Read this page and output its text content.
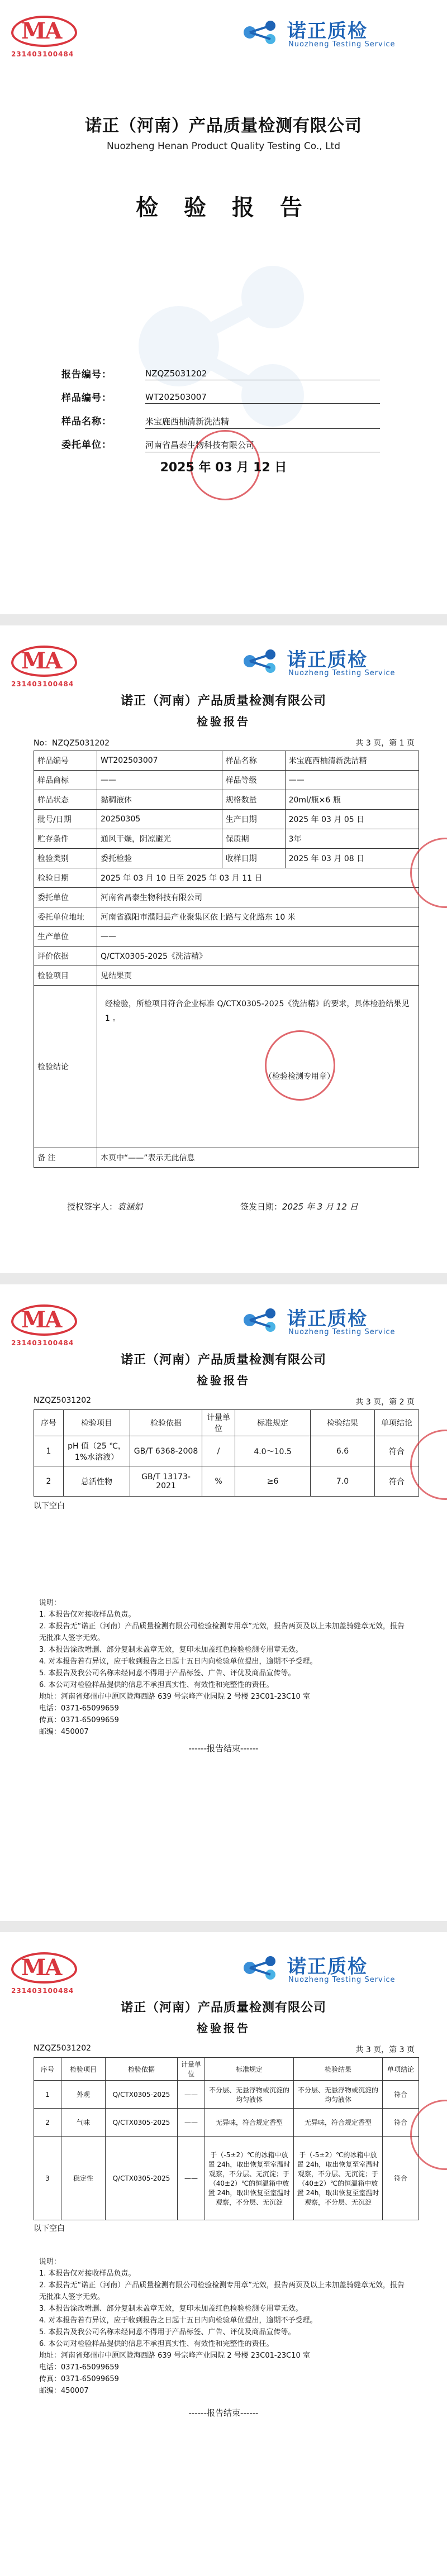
MA
231403100484
诺正质检
Nuozheng Testing Service
诺正（河南）产品质量检测有限公司
Nuozheng Henan Product Quality Testing Co., Ltd
检 验 报 告
报告编号：	NZQZ5031202
样品编号：	WT202503007
样品名称：	米宝鹿西柚清新洗洁精
委托单位：	河南省昌泰生物科技有限公司
2025 年 03 月 12 日
MA
231403100484
诺正质检
Nuozheng Testing Service
诺正（河南）产品质量检测有限公司
检验报告
No：NZQZ5031202	共 3 页，第 1 页
样品编号	WT202503007	样品名称	米宝鹿西柚清新洗洁精
样品商标	——	样品等级	——
样品状态	黏稠液体	规格数量	20ml/瓶×6 瓶
批号/日期	20250305	生产日期	2025 年 03 月 05 日
贮存条件	通风干燥，阴凉避光	保质期	3年
检验类别	委托检验	收样日期	2025 年 03 月 08 日
检验日期	2025 年 03 月 10 日至 2025 年 03 月 11 日		
委托单位	河南省昌泰生物科技有限公司		
委托单位地址	河南省濮阳市濮阳县产业聚集区依上路与文化路东 10 米		
生产单位	——		
评价依据	Q/CTX0305-2025《洗洁精》		
检验项目	见结果页		
检验结论	经检验，所检项目符合企业标准 Q/CTX0305-2025《洗洁精》的要求，具体检验结果见 1 。
（检验检测专用章）		

备 注	本页中“——”表示无此信息		
授权签字人：袁涵娟	签发日期：2025 年 3 月 12 日
MA
231403100484
诺正质检
Nuozheng Testing Service
诺正（河南）产品质量检测有限公司
检验报告
NZQZ5031202	共 3 页，第 2 页
序号	检验项目	检验依据	计量单位	标准规定	检验结果	单项结论
1	pH 值（25 ℃，1%水溶液）	GB/T 6368-2008	/	4.0～10.5	6.6	符合
2	总活性物	GB/T 13173-2021	%	≥6	7.0	符合
以下空白
说明：
1. 本报告仅对接收样品负责。
2. 本报告无“诺正（河南）产品质量检测有限公司检验检测专用章”无效，报告两页及以上未加盖骑缝章无效，报告无批准人签字无效。
3. 本报告涂改增删、部分复制未盖章无效，复印未加盖红色检验检测专用章无效。
4. 对本报告若有异议，应于收到报告之日起十五日内向检验单位提出，逾期不予受理。
5. 本报告及我公司名称未经同意不得用于产品标签、广告、评优及商品宣传等。
6. 本公司对检验样品提供的信息不承担真实性、有效性和完整性的责任。
地址：河南省郑州市中原区陇海西路 639 号宗峰产业园院 2 号楼 23C01-23C10 室
电话：0371-65099659
传真：0371-65099659
邮编：450007
------报告结束------
MA
231403100484
诺正质检
Nuozheng Testing Service
诺正（河南）产品质量检测有限公司
检验报告
NZQZ5031202	共 3 页，第 3 页
序号	检验项目	检验依据	计量单位	标准规定	检验结果	单项结论
1	外观	Q/CTX0305-2025	——	不分层、无悬浮物或沉淀的均匀液体	不分层、无悬浮物或沉淀的均匀液体	符合
2	气味	Q/CTX0305-2025	——	无异味，符合规定香型	无异味，符合规定香型	符合
3	稳定性	Q/CTX0305-2025	——	于（-5±2）℃的冰箱中放置 24h，取出恢复至室温时观察，不分层、无沉淀；于（40±2）℃的恒温箱中放置 24h，取出恢复至室温时观察，不分层、无沉淀	于（-5±2）℃的冰箱中放置 24h，取出恢复至室温时观察，不分层、无沉淀；于（40±2）℃的恒温箱中放置 24h，取出恢复至室温时观察，不分层、无沉淀	符合
以下空白
说明：
1. 本报告仅对接收样品负责。
2. 本报告无“诺正（河南）产品质量检测有限公司检验检测专用章”无效，报告两页及以上未加盖骑缝章无效，报告无批准人签字无效。
3. 本报告涂改增删、部分复制未盖章无效，复印未加盖红色检验检测专用章无效。
4. 对本报告若有异议，应于收到报告之日起十五日内向检验单位提出，逾期不予受理。
5. 本报告及我公司名称未经同意不得用于产品标签、广告、评优及商品宣传等。
6. 本公司对检验样品提供的信息不承担真实性、有效性和完整性的责任。
地址：河南省郑州市中原区陇海西路 639 号宗峰产业园院 2 号楼 23C01-23C10 室
电话：0371-65099659
传真：0371-65099659
邮编：450007
------报告结束------
